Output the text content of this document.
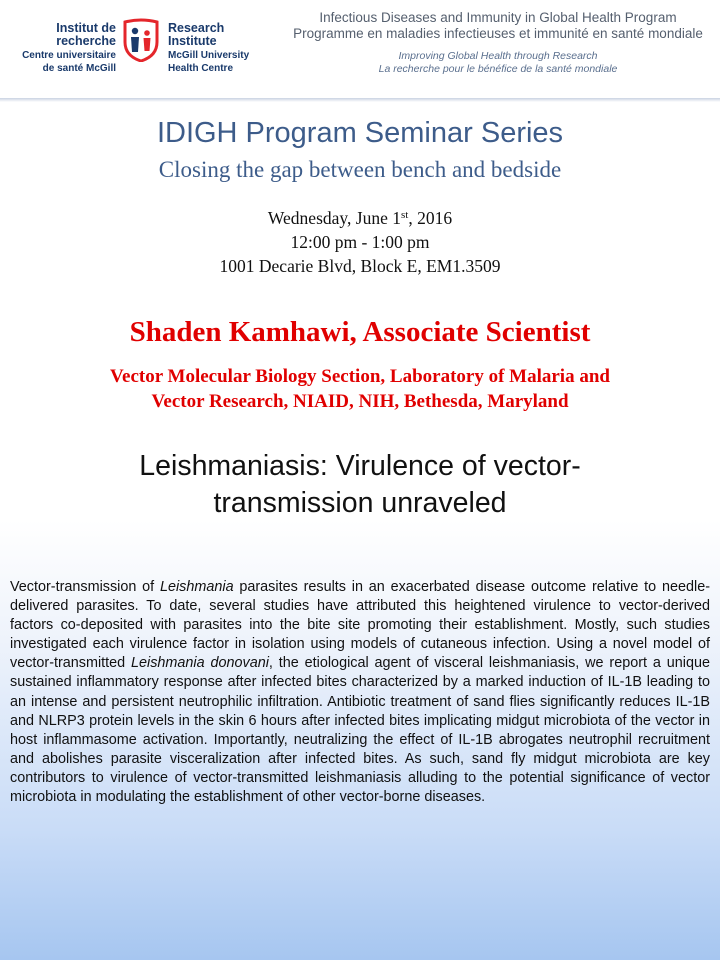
Institut de
recherche
Centre universitaire
de santé McGill
Research
Institute
McGill University
Health Centre
Infectious Diseases and Immunity in Global Health Program
Programme en maladies infectieuses et immunité en santé mondiale
Improving Global Health through Research
La recherche pour le bénéfice de la santé mondiale
IDIGH Program Seminar Series
Closing the gap between bench and bedside
Wednesday, June 1st, 2016
12:00 pm - 1:00 pm
1001 Decarie Blvd, Block E, EM1.3509
Shaden Kamhawi, Associate Scientist
Vector Molecular Biology Section, Laboratory of Malaria and
Vector Research, NIAID, NIH, Bethesda, Maryland
Leishmaniasis: Virulence of vector-
transmission unraveled

Vector-transmission of Leishmania parasites results in an exacerbated disease outcome relative to needle-delivered parasites. To date, several studies have attributed this heightened virulence to vector-derived factors co-deposited with parasites into the bite site promoting their establishment. Mostly, such studies investigated each virulence factor in isolation using models of cutaneous infection. Using a novel model of vector-transmitted Leishmania donovani, the etiological agent of visceral leishmaniasis, we report a unique sustained inflammatory response after infected bites characterized by a marked induction of IL-1B leading to an intense and persistent neutrophilic infiltration. Antibiotic treatment of sand flies significantly reduces IL-1B and NLRP3 protein levels in the skin 6 hours after infected bites implicating midgut microbiota of the vector in host inflammasome activation. Importantly, neutralizing the effect of IL-1B abrogates neutrophil recruitment and abolishes parasite visceralization after infected bites. As such, sand fly midgut microbiota are key contributors to virulence of vector-transmitted leishmaniasis alluding to the potential significance of vector microbiota in modulating the establishment of other vector-borne diseases.
